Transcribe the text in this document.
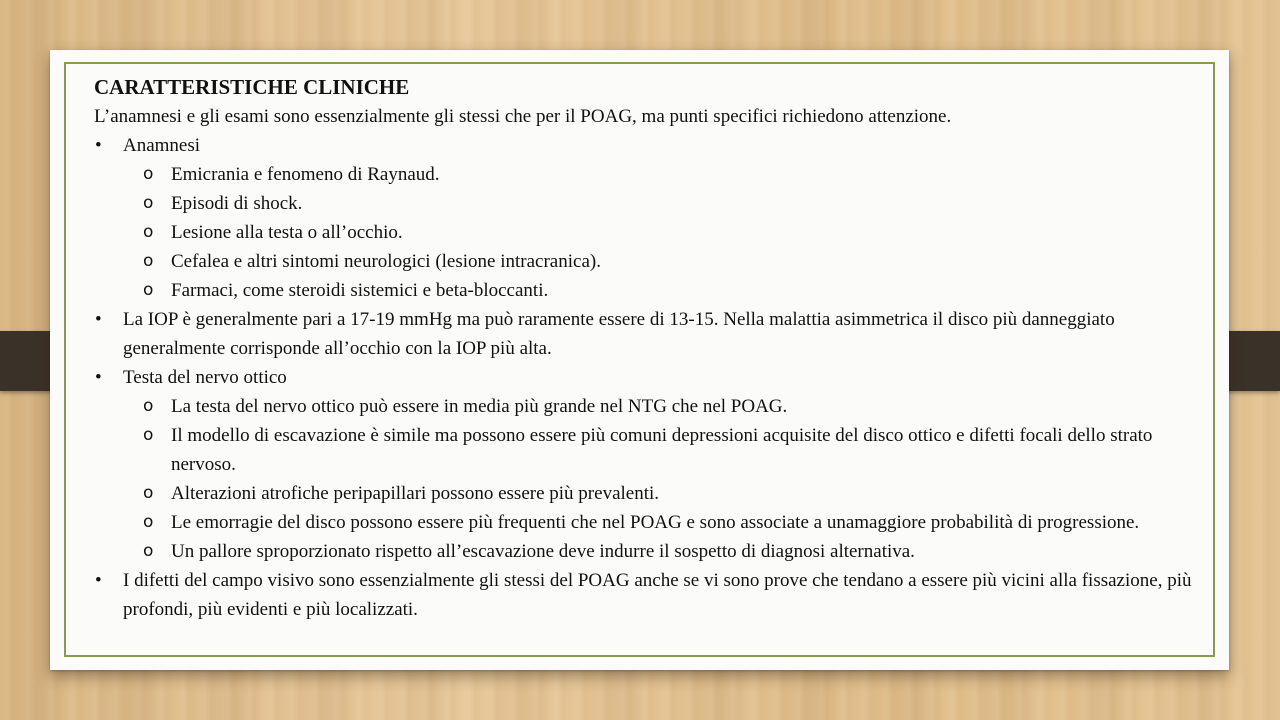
CARATTERISTICHE CLINICHE

L’anamnesi e gli esami sono essenzialmente gli stessi che per il POAG, ma punti specifici richiedono attenzione.

• Anamnesi

o Emicrania e fenomeno di Raynaud.

o Episodi di shock.

o Lesione alla testa o all’occhio.

o Cefalea e altri sintomi neurologici (lesione intracranica).

o Farmaci, come steroidi sistemici e beta-bloccanti.

• La IOP è generalmente pari a 17-19 mmHg ma può raramente essere di 13-15. Nella malattia asimmetrica il disco più danneggiato generalmente corrisponde all’occhio con la IOP più alta.

• Testa del nervo ottico

o La testa del nervo ottico può essere in media più grande nel NTG che nel POAG.

o Il modello di escavazione è simile ma possono essere più comuni depressioni acquisite del disco ottico e difetti focali dello strato nervoso.

o Alterazioni atrofiche peripapillari possono essere più prevalenti.

o Le emorragie del disco possono essere più frequenti che nel POAG e sono associate a unamaggiore probabilità di progressione.

o Un pallore sproporzionato rispetto all’escavazione deve indurre il sospetto di diagnosi alternativa.

• I difetti del campo visivo sono essenzialmente gli stessi del POAG anche se vi sono prove che tendano a essere più vicini alla fissazione, più profondi, più evidenti e più localizzati.
